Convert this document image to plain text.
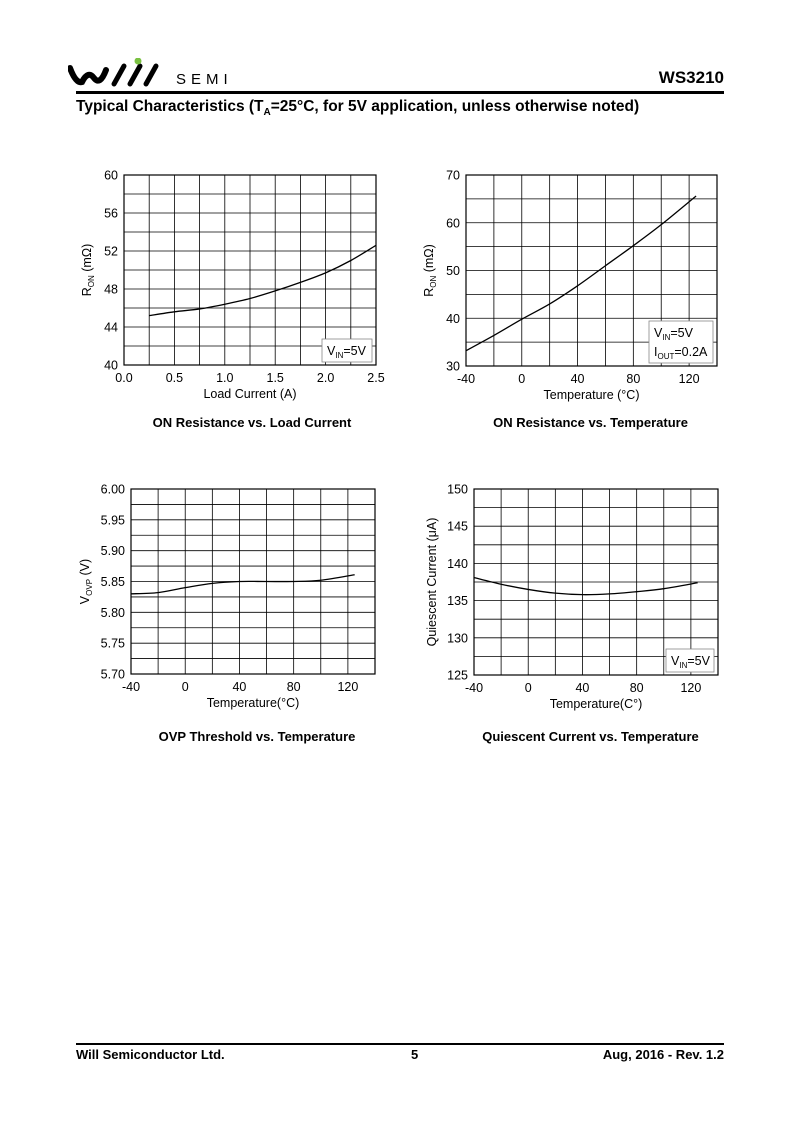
SEMI	WS3210
Typical Characteristics ($T_A=25^\circ C$, for 5V application, unless otherwise noted)
40
44
48
52
56
60
0.0	0.5	1.0	1.5	2.0	2.5
Load Current (A)
$R_{ON}$ (mΩ)
$V_{IN}=5V$
30
40
50
60
70
-40	0	40	80	120
Temperature (°C)
$R_{ON}$ (mΩ)
$V_{IN}=5V$
$I_{OUT}=0.2A$
5.70
5.75
5.80
5.85
5.90
5.95
6.00
-40	0	40	80	120
Temperature(°C)
$V_{OVP}$ (V)
125
130
135
140
145
150
-40	0	40	80	120
Temperature(C°)
Quiescent Current (μA)
$V_{IN}=5V$
ON Resistance vs. Load Current	ON Resistance vs. Temperature
OVP Threshold vs. Temperature	Quiescent Current vs. Temperature
Will Semiconductor Ltd.	5	Aug, 2016 - Rev. 1.2
